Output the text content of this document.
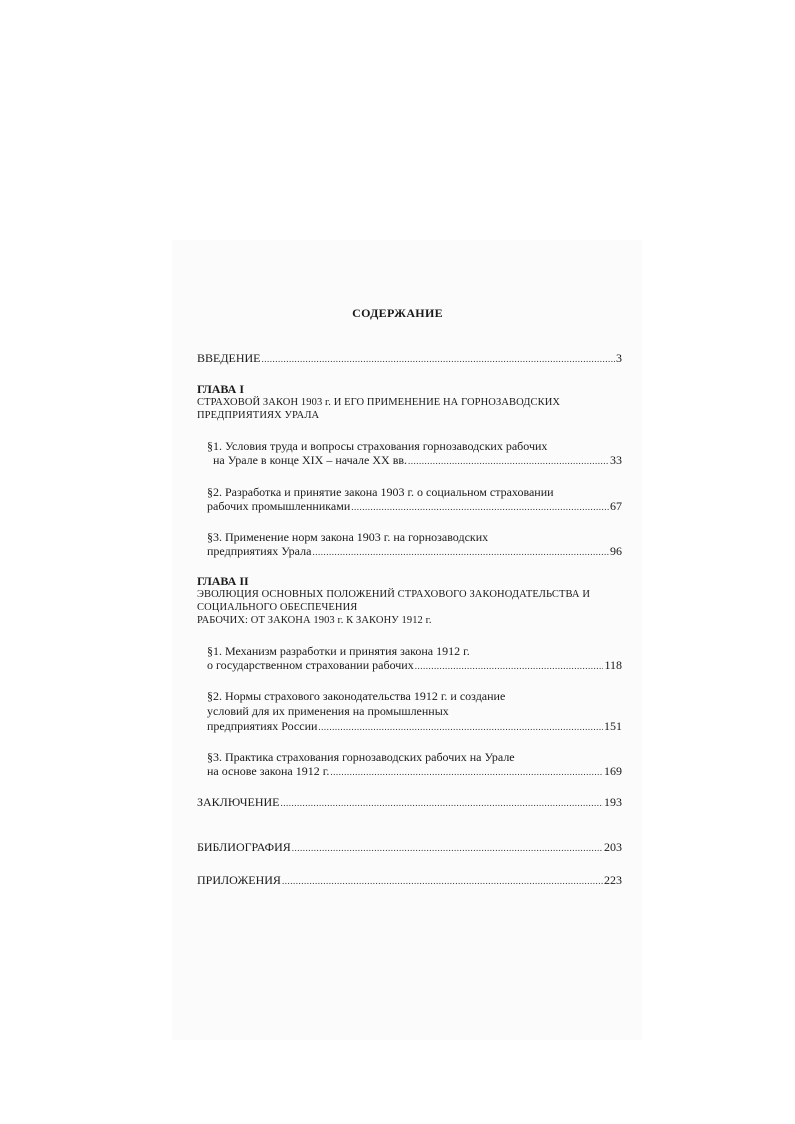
СОДЕРЖАНИЕ
ВВЕДЕНИЕ .....	3
ГЛАВА I
СТРАХОВОЙ ЗАКОН 1903 г. И ЕГО ПРИМЕНЕНИЕ НА ГОРНОЗАВОДСКИХ
ПРЕДПРИЯТИЯХ УРАЛА
§1. Условия труда и вопросы страхования горнозаводских рабочих
на Урале в конце XIX – начале XX вв. .....	33
§2. Разработка и принятие закона 1903 г. о социальном страховании
рабочих промышленниками .....	67
§3. Применение норм закона 1903 г. на горнозаводских
предприятиях Урала .....	96
ГЛАВА II
ЭВОЛЮЦИЯ ОСНОВНЫХ ПОЛОЖЕНИЙ СТРАХОВОГО ЗАКОНОДАТЕЛЬСТВА И
СОЦИАЛЬНОГО ОБЕСПЕЧЕНИЯ
РАБОЧИХ: ОТ ЗАКОНА 1903 г. К ЗАКОНУ 1912 г.
§1. Механизм разработки и принятия закона 1912 г.
о государственном страховании рабочих .....	118
§2. Нормы страхового законодательства 1912 г. и создание
условий для их применения на промышленных
предприятиях России .....	151
§3. Практика страхования горнозаводских рабочих на Урале
на основе закона 1912 г. .....	169
ЗАКЛЮЧЕНИЕ .....	193
БИБЛИОГРАФИЯ .....	203
ПРИЛОЖЕНИЯ .....	223
